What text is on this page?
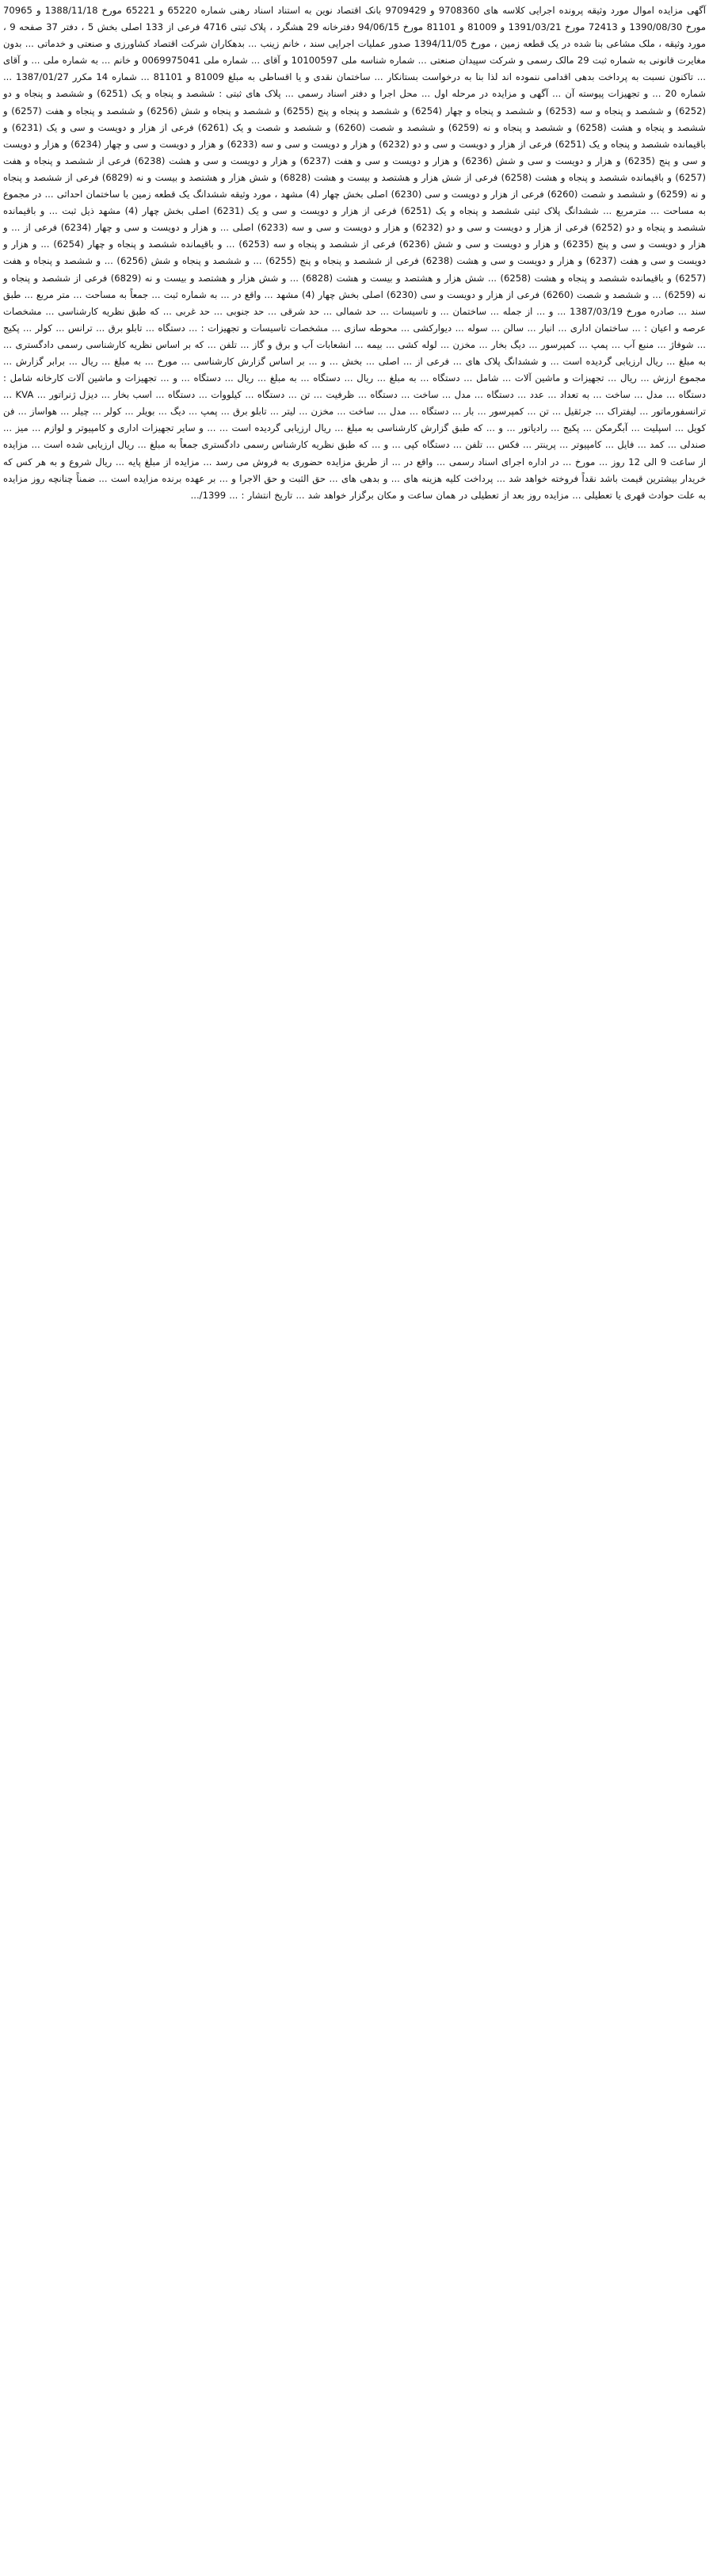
آگهی مزایده اموال مورد وثیقه پرونده اجرایی کلاسه های 9708360 و 9709429 بانک اقتصاد نوین به استناد اسناد رهنی شماره 65220 و 65221 مورخ 1388/11/18 و 70965 مورخ 1390/08/30 و 72413 مورخ 1391/03/21 و 81009 و 81101 مورخ 94/06/15 دفترخانه 29 هشگرد ، پلاک ثبتی 4716 فرعی از 133 اصلی بخش 5 ، دفتر 37 صفحه 9 ، مورد وثیقه ، ملک مشاعی بنا شده در یک قطعه زمین ، مورخ 1394/11/05 صدور عملیات اجرایی سند ، خانم زینب ... بدهکاران شرکت اقتصاد کشاورزی و صنعتی و خدماتی ... بدون مغایرت قانونی به شماره ثبت 29 مالک رسمی و شرکت سپیدان صنعتی ... شماره شناسه ملی 10100597 و آقای ... شماره ملی 0069975041 و خانم ... به شماره ملی ... و آقای ... تاکنون نسبت به پرداخت بدهی اقدامی ننموده اند لذا بنا به درخواست بستانکار ... ساختمان نقدی و یا اقساطی به مبلغ 81009 و 81101 ... شماره 14 مکرر 1387/01/27 ... شماره 20 ... و تجهیزات پیوسته آن ... آگهی و مزایده در مرحله اول ... محل اجرا و دفتر اسناد رسمی ... پلاک های ثبتی : ششصد و پنجاه و یک (6251) و ششصد و پنجاه و دو (6252) و ششصد و پنجاه و سه (6253) و ششصد و پنجاه و چهار (6254) و ششصد و پنجاه و پنج (6255) و ششصد و پنجاه و شش (6256) و ششصد و پنجاه و هفت (6257) و ششصد و پنجاه و هشت (6258) و ششصد و پنجاه و نه (6259) و ششصد و شصت (6260) و ششصد و شصت و یک (6261) فرعی از هزار و دویست و سی و یک (6231) و باقیمانده ششصد و پنجاه و یک (6251) فرعی از هزار و دویست و سی و دو (6232) و هزار و دویست و سی و سه (6233) و هزار و دویست و سی و چهار (6234) و هزار و دویست و سی و پنج (6235) و هزار و دویست و سی و شش (6236) و هزار و دویست و سی و هفت (6237) و هزار و دویست و سی و هشت (6238) فرعی از ششصد و پنجاه و هفت (6257) و باقیمانده ششصد و پنجاه و هشت (6258) فرعی از شش هزار و هشتصد و بیست و هشت (6828) و شش هزار و هشتصد و بیست و نه (6829) فرعی از ششصد و پنجاه و نه (6259) و ششصد و شصت (6260) فرعی از هزار و دویست و سی (6230) اصلی بخش چهار (4) مشهد ، مورد وثیقه ششدانگ یک قطعه زمین با ساختمان احداثی ... در مجموع به مساحت ... مترمربع ... ششدانگ پلاک ثبتی ششصد و پنجاه و یک (6251) فرعی از هزار و دویست و سی و یک (6231) اصلی بخش چهار (4) مشهد ذیل ثبت ... و باقیمانده ششصد و پنجاه و دو (6252) فرعی از هزار و دویست و سی و دو (6232) و هزار و دویست و سی و سه (6233) اصلی ... و هزار و دویست و سی و چهار (6234) فرعی از ... و هزار و دویست و سی و پنج (6235) و هزار و دویست و سی و شش (6236) فرعی از ششصد و پنجاه و سه (6253) ... و باقیمانده ششصد و پنجاه و چهار (6254) ... و هزار و دویست و سی و هفت (6237) و هزار و دویست و سی و هشت (6238) فرعی از ششصد و پنجاه و پنج (6255) ... و ششصد و پنجاه و شش (6256) ... و ششصد و پنجاه و هفت (6257) و باقیمانده ششصد و پنجاه و هشت (6258) ... شش هزار و هشتصد و بیست و هشت (6828) ... و شش هزار و هشتصد و بیست و نه (6829) فرعی از ششصد و پنجاه و نه (6259) ... و ششصد و شصت (6260) فرعی از هزار و دویست و سی (6230) اصلی بخش چهار (4) مشهد ... واقع در ... به شماره ثبت ... جمعاً به مساحت ... متر مربع ... طبق سند ... صادره مورخ 1387/03/19 ... و ... از جمله ... ساختمان ... و تاسیسات ... حد شمالی ... حد شرقی ... حد جنوبی ... حد غربی ... که طبق نظریه کارشناسی ... مشخصات عرصه و اعیان : ... ساختمان اداری ... انبار ... سالن ... سوله ... دیوارکشی ... محوطه سازی ... مشخصات تاسیسات و تجهیزات : ... دستگاه ... تابلو برق ... ترانس ... کولر ... پکیج ... شوفاژ ... منبع آب ... پمپ ... کمپرسور ... دیگ بخار ... مخزن ... لوله کشی ... بیمه ... انشعابات آب و برق و گاز ... تلفن ... که بر اساس نظریه کارشناسی رسمی دادگستری ... به مبلغ ... ریال ارزیابی گردیده است ... و ششدانگ پلاک های ... فرعی از ... اصلی ... بخش ... و ... بر اساس گزارش کارشناسی ... مورخ ... به مبلغ ... ریال ... برابر گزارش ... مجموع ارزش ... ریال ... تجهیزات و ماشین آلات ... شامل ... دستگاه ... به مبلغ ... ریال ... دستگاه ... به مبلغ ... ریال ... دستگاه ... و ... تجهیزات و ماشین آلات کارخانه شامل : دستگاه ... مدل ... ساخت ... به تعداد ... عدد ... دستگاه ... مدل ... ساخت ... دستگاه ... ظرفیت ... تن ... دستگاه ... کیلووات ... دستگاه ... اسب بخار ... دیزل ژنراتور ... KVA ... ترانسفورماتور ... لیفتراک ... جرثقیل ... تن ... کمپرسور ... بار ... دستگاه ... مدل ... ساخت ... مخزن ... لیتر ... تابلو برق ... پمپ ... دیگ ... بویلر ... کولر ... چیلر ... هواساز ... فن کویل ... اسپلیت ... آبگرمکن ... پکیج ... رادیاتور ... و ... که طبق گزارش کارشناسی به مبلغ ... ریال ارزیابی گردیده است ... ... و سایر تجهیزات اداری و کامپیوتر و لوازم ... میز ... صندلی ... کمد ... فایل ... کامپیوتر ... پرینتر ... فکس ... تلفن ... دستگاه کپی ... و ... که طبق نظریه کارشناس رسمی دادگستری جمعاً به مبلغ ... ریال ارزیابی شده است ... مزایده از ساعت 9 الی 12 روز ... مورخ ... در اداره اجرای اسناد رسمی ... واقع در ... از طریق مزایده حضوری به فروش می رسد ... مزایده از مبلغ پایه ... ریال شروع و به هر کس که خریدار بیشترین قیمت باشد نقداً فروخته خواهد شد ... پرداخت کلیه هزینه های ... و بدهی های ... حق الثبت و حق الاجرا و ... بر عهده برنده مزایده است ... ضمناً چنانچه روز مزایده به علت حوادث قهری یا تعطیلی ... مزایده روز بعد از تعطیلی در همان ساعت و مکان برگزار خواهد شد ... تاریخ انتشار : ... 1399/...
